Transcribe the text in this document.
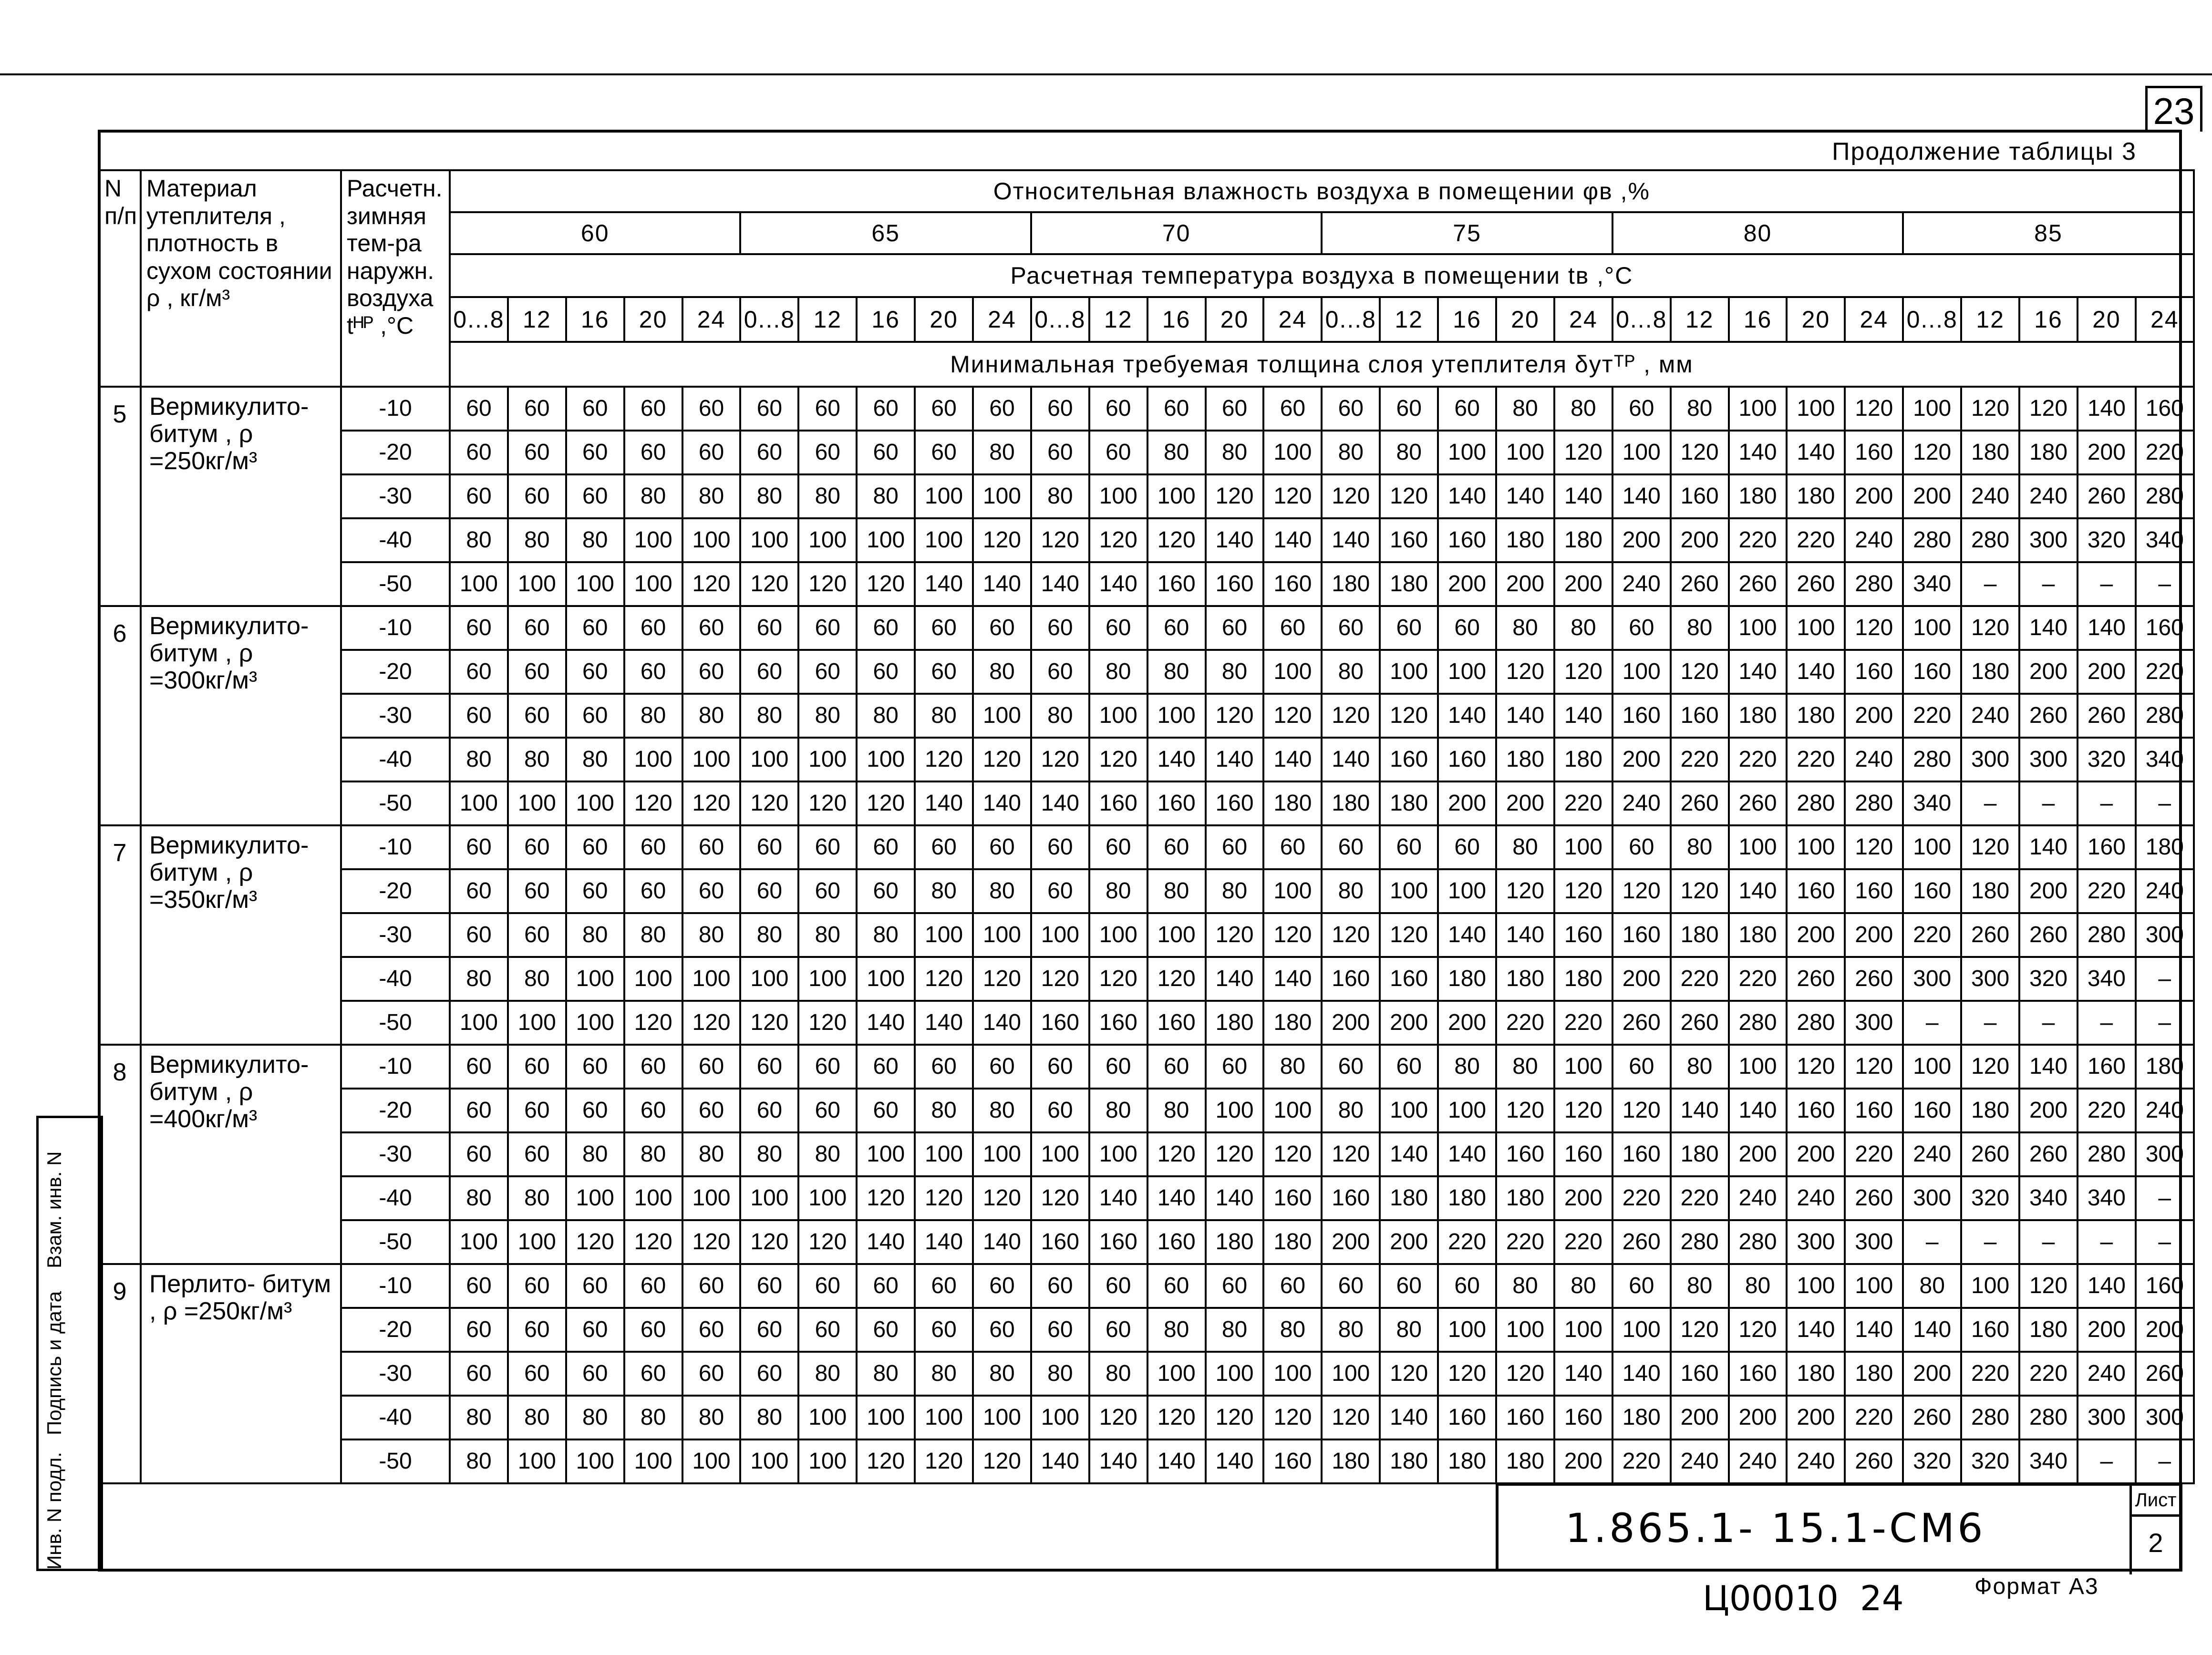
23
Продолжение таблицы 3
N п/п	Материал утеплителя , плотность в сухом состоянии ρ , кг/м³	Расчетн. зимняя тем-ра наружн. воздуха tᴴᴾ ,°С	Относительная влажность воздуха в помещении φв ,%																													
			60					65					70					75					80					85				
			Расчетная температура воздуха в помещении tв ,°С																													
			0...8	12	16	20	24	0...8	12	16	20	24	0...8	12	16	20	24	0...8	12	16	20	24	0...8	12	16	20	24	0...8	12	16	20	24
			Минимальная требуемая толщина слоя утеплителя δутᵀᴾ , мм																													
5	Вермикулито- битум , ρ =250кг/м³	-10	60	60	60	60	60	60	60	60	60	60	60	60	60	60	60	60	60	60	80	80	60	80	100	100	120	100	120	120	140	160
		-20	60	60	60	60	60	60	60	60	60	80	60	60	80	80	100	80	80	100	100	120	100	120	140	140	160	120	180	180	200	220
		-30	60	60	60	80	80	80	80	80	100	100	80	100	100	120	120	120	120	140	140	140	140	160	180	180	200	200	240	240	260	280
		-40	80	80	80	100	100	100	100	100	100	120	120	120	120	140	140	140	160	160	180	180	200	200	220	220	240	280	280	300	320	340
		-50	100	100	100	100	120	120	120	120	140	140	140	140	160	160	160	180	180	200	200	200	240	260	260	260	280	340	–	–	–	–
6	Вермикулито- битум , ρ =300кг/м³	-10	60	60	60	60	60	60	60	60	60	60	60	60	60	60	60	60	60	60	80	80	60	80	100	100	120	100	120	140	140	160
		-20	60	60	60	60	60	60	60	60	60	80	60	80	80	80	100	80	100	100	120	120	100	120	140	140	160	160	180	200	200	220
		-30	60	60	60	80	80	80	80	80	80	100	80	100	100	120	120	120	120	140	140	140	160	160	180	180	200	220	240	260	260	280
		-40	80	80	80	100	100	100	100	100	120	120	120	120	140	140	140	140	160	160	180	180	200	220	220	220	240	280	300	300	320	340
		-50	100	100	100	120	120	120	120	120	140	140	140	160	160	160	180	180	180	200	200	220	240	260	260	280	280	340	–	–	–	–
7	Вермикулито- битум , ρ =350кг/м³	-10	60	60	60	60	60	60	60	60	60	60	60	60	60	60	60	60	60	60	80	100	60	80	100	100	120	100	120	140	160	180
		-20	60	60	60	60	60	60	60	60	80	80	60	80	80	80	100	80	100	100	120	120	120	120	140	160	160	160	180	200	220	240
		-30	60	60	80	80	80	80	80	80	100	100	100	100	100	120	120	120	120	140	140	160	160	180	180	200	200	220	260	260	280	300
		-40	80	80	100	100	100	100	100	100	120	120	120	120	120	140	140	160	160	180	180	180	200	220	220	260	260	300	300	320	340	–
		-50	100	100	100	120	120	120	120	140	140	140	160	160	160	180	180	200	200	200	220	220	260	260	280	280	300	–	–	–	–	–
8	Вермикулито- битум , ρ =400кг/м³	-10	60	60	60	60	60	60	60	60	60	60	60	60	60	60	80	60	60	80	80	100	60	80	100	120	120	100	120	140	160	180
		-20	60	60	60	60	60	60	60	60	80	80	60	80	80	100	100	80	100	100	120	120	120	140	140	160	160	160	180	200	220	240
		-30	60	60	80	80	80	80	80	100	100	100	100	100	120	120	120	120	140	140	160	160	160	180	200	200	220	240	260	260	280	300
		-40	80	80	100	100	100	100	100	120	120	120	120	140	140	140	160	160	180	180	180	200	220	220	240	240	260	300	320	340	340	–
		-50	100	100	120	120	120	120	120	140	140	140	160	160	160	180	180	200	200	220	220	220	260	280	280	300	300	–	–	–	–	–
9	Перлито- битум , ρ =250кг/м³	-10	60	60	60	60	60	60	60	60	60	60	60	60	60	60	60	60	60	60	80	80	60	80	80	100	100	80	100	120	140	160
		-20	60	60	60	60	60	60	60	60	60	60	60	60	80	80	80	80	80	100	100	100	100	120	120	140	140	140	160	180	200	200
		-30	60	60	60	60	60	60	80	80	80	80	80	80	100	100	100	100	120	120	120	140	140	160	160	180	180	200	220	220	240	260
		-40	80	80	80	80	80	80	100	100	100	100	100	120	120	120	120	120	140	160	160	160	180	200	200	200	220	260	280	280	300	300
		-50	80	100	100	100	100	100	100	120	120	120	140	140	140	140	160	180	180	180	180	200	220	240	240	240	260	320	320	340	–	–
Инв. N подл.
Подпись и дата
Взам. инв. N
1.865.1- 15.1-СМ6
Лист
2
Ц00010 24	Формат А3
